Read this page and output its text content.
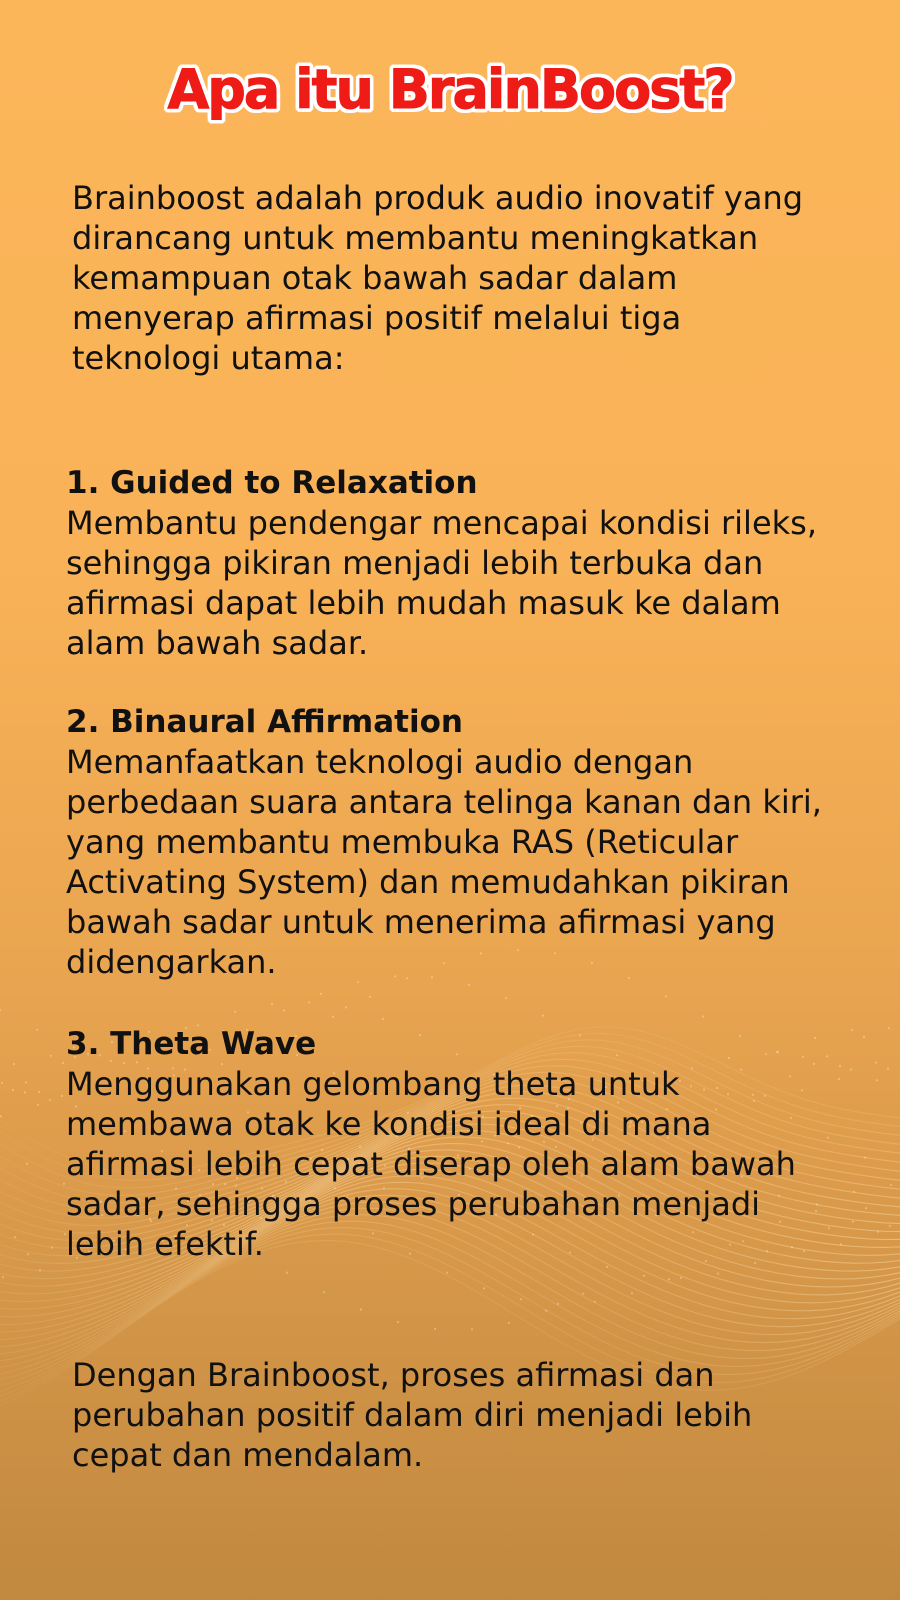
Apa itu BrainBoost?

Brainboost adalah produk audio inovatif yang dirancang untuk membantu meningkatkan kemampuan otak bawah sadar dalam menyerap afirmasi positif melalui tiga teknologi utama:

1. Guided to Relaxation

Membantu pendengar mencapai kondisi rileks, sehingga pikiran menjadi lebih terbuka dan afirmasi dapat lebih mudah masuk ke dalam alam bawah sadar.

2. Binaural Affirmation

Memanfaatkan teknologi audio dengan perbedaan suara antara telinga kanan dan kiri, yang membantu membuka RAS (Reticular Activating System) dan memudahkan pikiran bawah sadar untuk menerima afirmasi yang didengarkan.

3. Theta Wave

Menggunakan gelombang theta untuk membawa otak ke kondisi ideal di mana afirmasi lebih cepat diserap oleh alam bawah sadar, sehingga proses perubahan menjadi lebih efektif.

Dengan Brainboost, proses afirmasi dan perubahan positif dalam diri menjadi lebih cepat dan mendalam.
